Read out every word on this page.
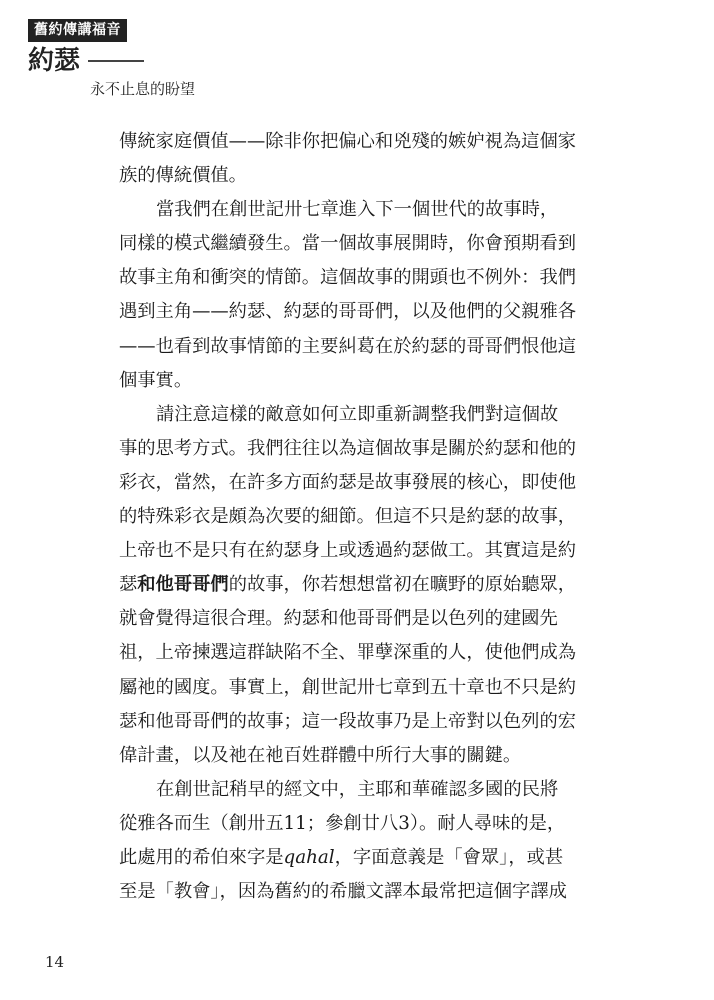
舊約傳講福音
約瑟
永不止息的盼望

傳統家庭價值——除非你把偏心和兇殘的嫉妒視為這個家

族的傳統價值。

當我們在創世記卅七章進入下一個世代的故事時，

同樣的模式繼續發生。當一個故事展開時，你會預期看到

故事主角和衝突的情節。這個故事的開頭也不例外：我們

遇到主角——約瑟、約瑟的哥哥們，以及他們的父親雅各

——也看到故事情節的主要糾葛在於約瑟的哥哥們恨他這

個事實。

請注意這樣的敵意如何立即重新調整我們對這個故

事的思考方式。我們往往以為這個故事是關於約瑟和他的

彩衣，當然，在許多方面約瑟是故事發展的核心，即使他

的特殊彩衣是頗為次要的細節。但這不只是約瑟的故事，

上帝也不是只有在約瑟身上或透過約瑟做工。其實這是約

瑟和他哥哥們的故事，你若想想當初在曠野的原始聽眾，

就會覺得這很合理。約瑟和他哥哥們是以色列的建國先

祖，上帝揀選這群缺陷不全、罪孽深重的人，使他們成為

屬祂的國度。事實上，創世記卅七章到五十章也不只是約

瑟和他哥哥們的故事；這一段故事乃是上帝對以色列的宏

偉計畫，以及祂在祂百姓群體中所行大事的關鍵。

在創世記稍早的經文中，主耶和華確認多國的民將

從雅各而生（創卅五11；參創廿八3）。耐人尋味的是，

此處用的希伯來字是qahal，字面意義是「會眾」，或甚

至是「教會」，因為舊約的希臘文譯本最常把這個字譯成

14
